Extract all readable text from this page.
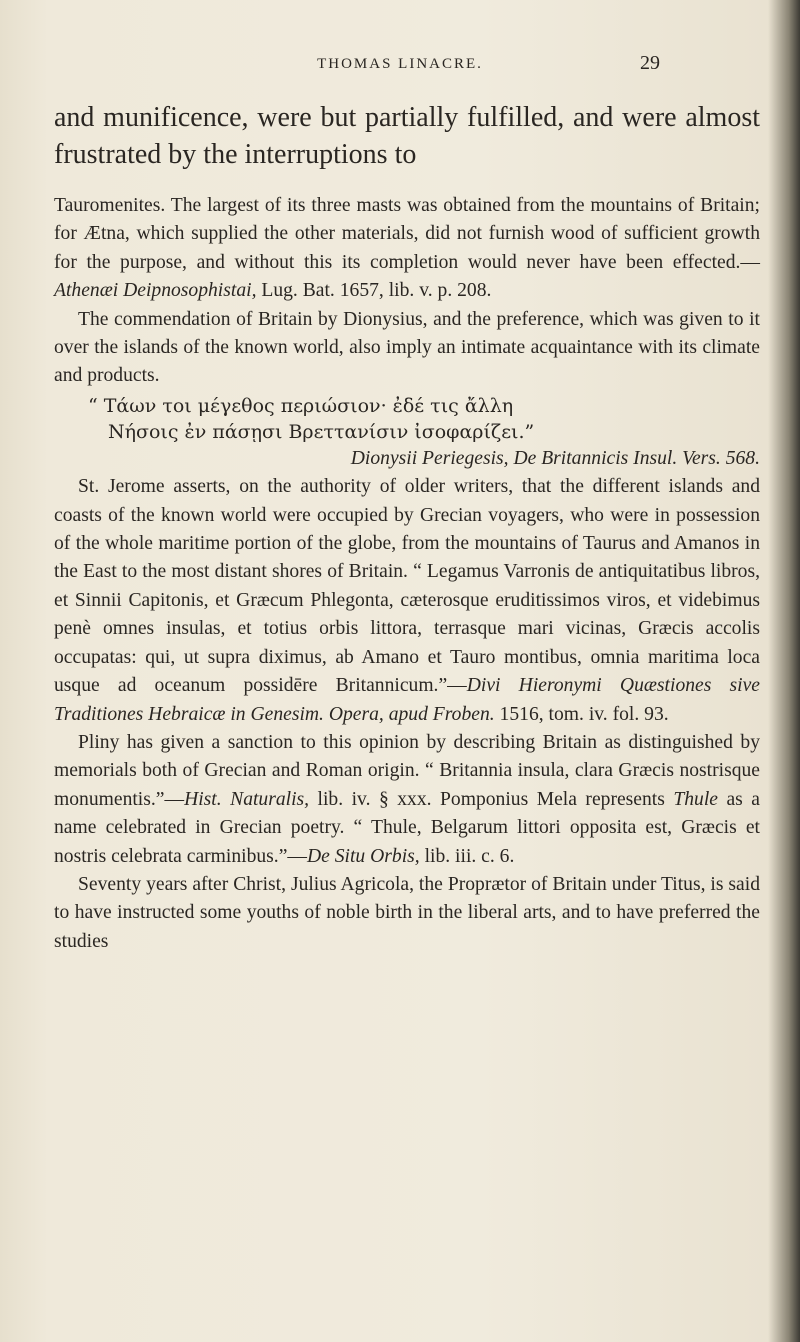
THOMAS LINACRE.	29
and munificence, were but partially fulfilled, and were almost frustrated by the interruptions to

Tauromenites. The largest of its three masts was obtained from the mountains of Britain; for Ætna, which supplied the other materials, did not furnish wood of sufficient growth for the purpose, and without this its completion would never have been effected.—Athenæi Deipnosophistai, Lug. Bat. 1657, lib. v. p. 208.

The commendation of Britain by Dionysius, and the preference, which was given to it over the islands of the known world, also imply an intimate acquaintance with its climate and products.

“ Τάων τοι μέγεθος περιώσιον· ἐδέ τις ἄλλη
Νήσοις ἐν πάσῃσι Βρεττανίσιν ἰσοφαρίζει.”

Dionysii Periegesis, De Britannicis Insul. Vers. 568.

St. Jerome asserts, on the authority of older writers, that the different islands and coasts of the known world were occupied by Grecian voyagers, who were in possession of the whole maritime portion of the globe, from the mountains of Taurus and Amanos in the East to the most distant shores of Britain. “ Legamus Varronis de antiquitatibus libros, et Sinnii Capitonis, et Græcum Phlegonta, cæterosque eruditissimos viros, et videbimus penè omnes insulas, et totius orbis littora, terrasque mari vicinas, Græcis accolis occupatas: qui, ut supra diximus, ab Amano et Tauro montibus, omnia maritima loca usque ad oceanum possidēre Britannicum.”—Divi Hieronymi Quæstiones sive Traditiones Hebraicæ in Genesim. Opera, apud Froben. 1516, tom. iv. fol. 93.

Pliny has given a sanction to this opinion by describing Britain as distinguished by memorials both of Grecian and Roman origin. “ Britannia insula, clara Græcis nostrisque monumentis.”—Hist. Naturalis, lib. iv. § xxx. Pomponius Mela represents Thule as a name celebrated in Grecian poetry. “ Thule, Belgarum littori opposita est, Græcis et nostris celebrata carminibus.”—De Situ Orbis, lib. iii. c. 6.

Seventy years after Christ, Julius Agricola, the Proprætor of Britain under Titus, is said to have instructed some youths of noble birth in the liberal arts, and to have preferred the studies
